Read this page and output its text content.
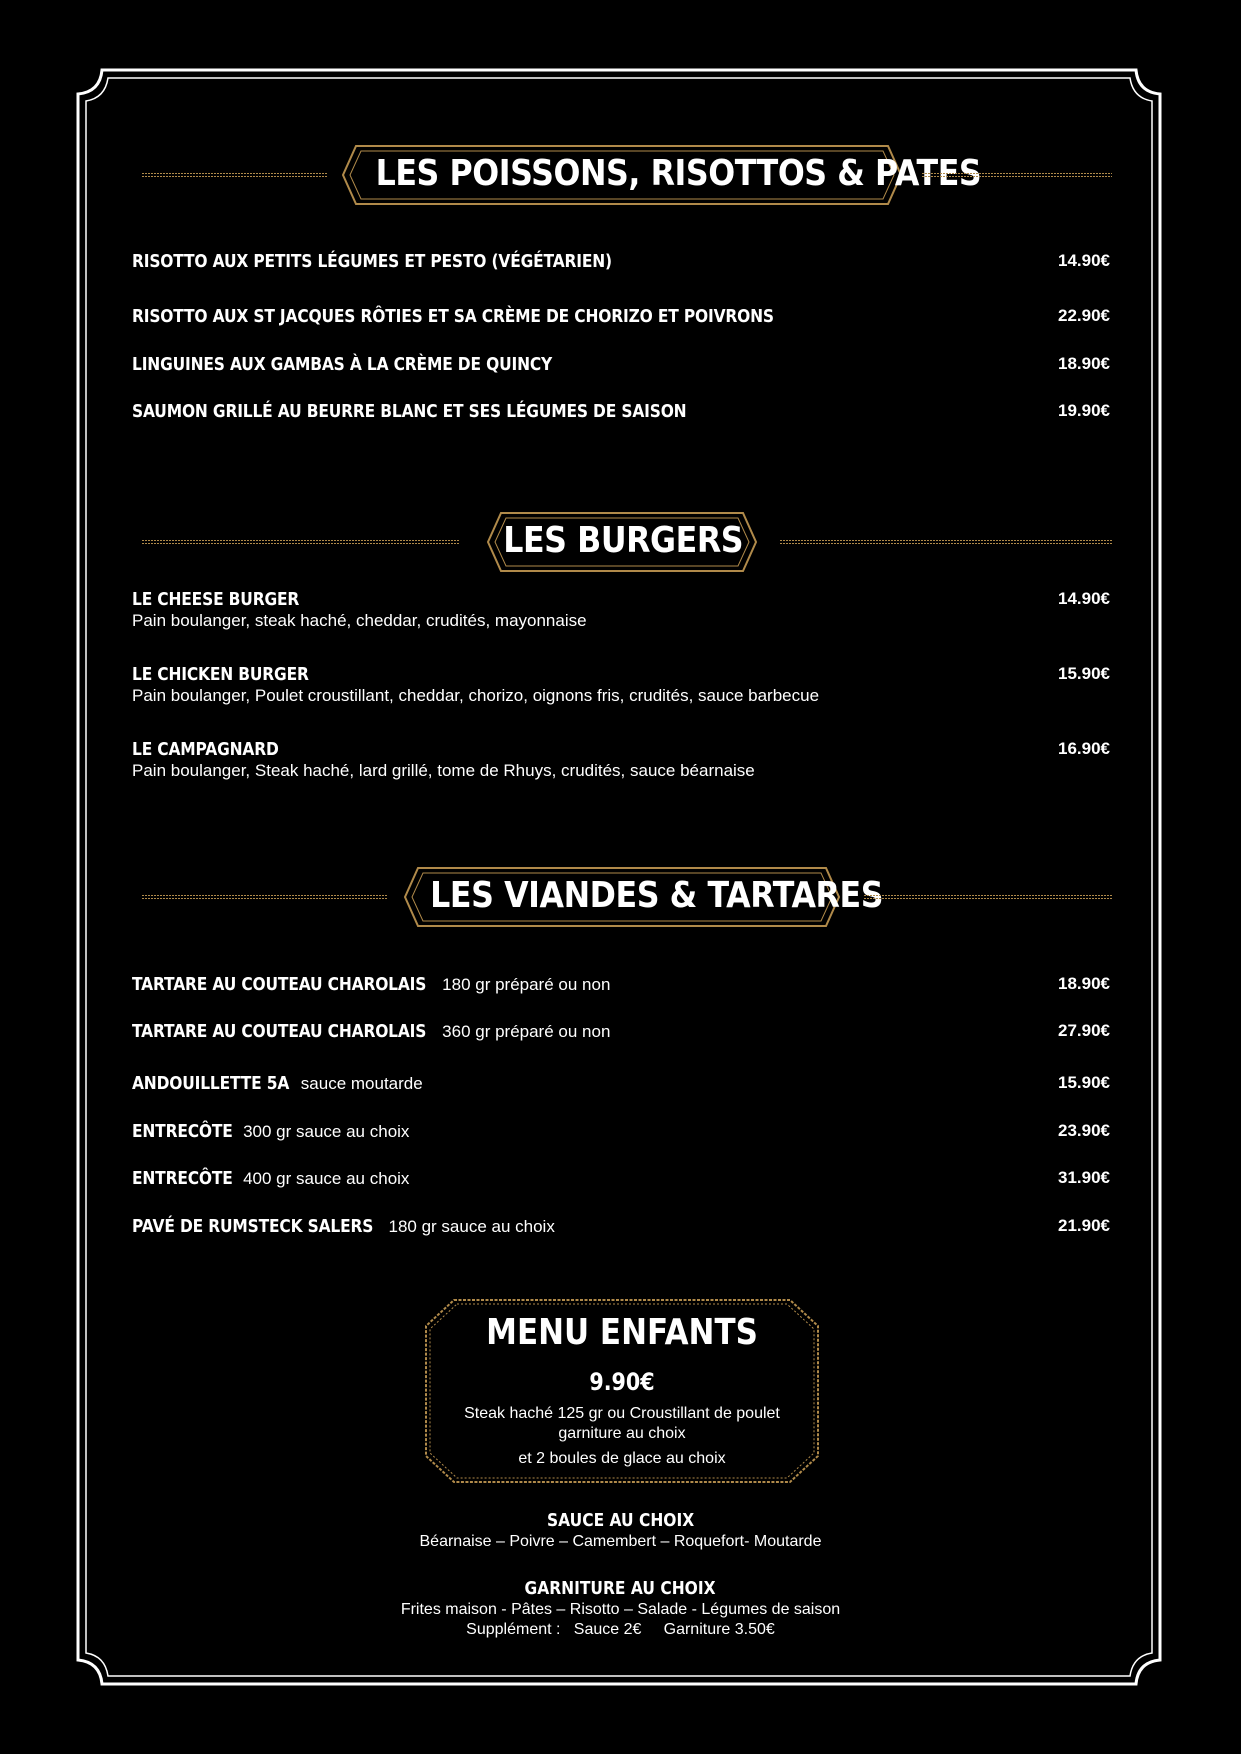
LES POISSONS, RISOTTOS & PATES
RISOTTO AUX PETITS LÉGUMES ET PESTO (VÉGÉTARIEN)	14.90€
RISOTTO AUX ST JACQUES RÔTIES ET SA CRÈME DE CHORIZO ET POIVRONS	22.90€
LINGUINES AUX GAMBAS À LA CRÈME DE QUINCY	18.90€
SAUMON GRILLÉ AU BEURRE BLANC ET SES LÉGUMES DE SAISON	19.90€
LES BURGERS
LE CHEESE BURGER	14.90€
Pain boulanger, steak haché, cheddar, crudités, mayonnaise
LE CHICKEN BURGER	15.90€
Pain boulanger, Poulet croustillant, cheddar, chorizo, oignons fris, crudités, sauce barbecue
LE CAMPAGNARD	16.90€
Pain boulanger, Steak haché, lard grillé, tome de Rhuys, crudités, sauce béarnaise
LES VIANDES & TARTARES
TARTARE AU COUTEAU CHAROLAIS 180 gr préparé ou non	18.90€
TARTARE AU COUTEAU CHAROLAIS 360 gr préparé ou non	27.90€
ANDOUILLETTE 5A sauce moutarde	15.90€
ENTRECÔTE 300 gr sauce au choix	23.90€
ENTRECÔTE 400 gr sauce au choix	31.90€
PAVÉ DE RUMSTECK SALERS 180 gr sauce au choix	21.90€
MENU ENFANTS
9.90€
Steak haché 125 gr ou Croustillant de poulet
garniture au choix
et 2 boules de glace au choix
SAUCE AU CHOIX
Béarnaise – Poivre – Camembert – Roquefort- Moutarde
GARNITURE AU CHOIX
Frites maison - Pâtes – Risotto – Salade - Légumes de saison
Supplément :   Sauce 2€     Garniture 3.50€
